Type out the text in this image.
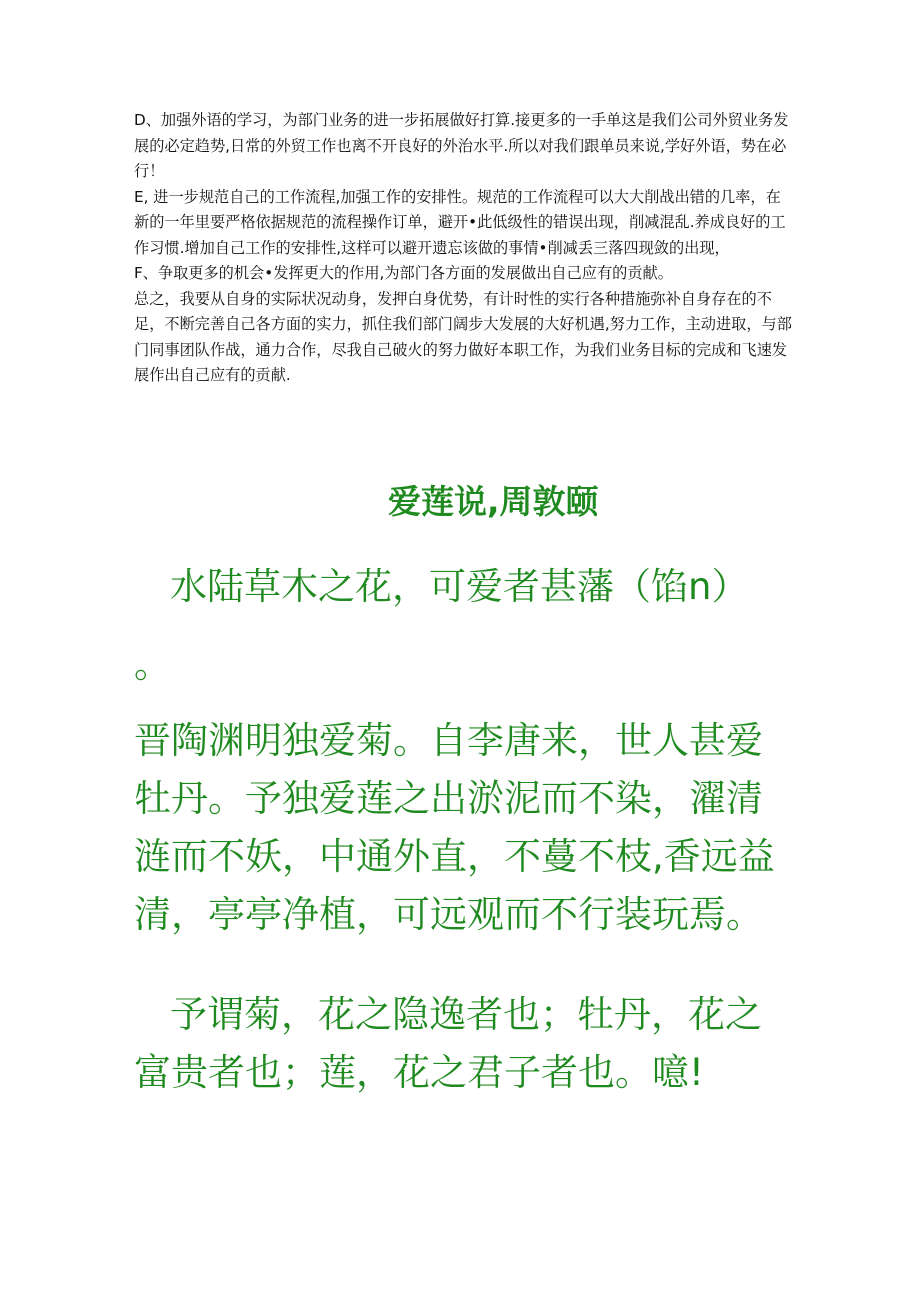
D、加强外语的学习，为部门业务的进一步拓展做好打算.接更多的一手单这是我们公司外贸业务发展的必定趋势,日常的外贸工作也离不开良好的外治水平.所以对我们跟单员来说,学好外语，势在必行！

E, 进一步规范自己的工作流程,加强工作的安排性。规范的工作流程可以大大削战出错的几率，在新的一年里要严格依据规范的流程操作订单，避开•此低级性的错误出现，削减混乱.养成良好的工作习惯.增加自己工作的安排性,这样可以避开遗忘该做的事情•削减丢三落四现敛的出现，

F、争取更多的机会•发挥更大的作用,为部门各方面的发展做出自己应有的贡献。

总之，我要从自身的实际状况动身，发押白身优势，有计时性的实行各种措施弥补自身存在的不足，不断完善自己各方面的实力，抓住我们部门阔步大发展的大好机遇,努力工作，主动进取，与部门同事团队作战，通力合作，尽我自己破火的努力做好本职工作，为我们业务目标的完成和飞速发展作出自己应有的贡献.

爱莲说,周敦颐

水陆草木之花，可爱者甚藩（馅n）
。

晋陶渊明独爱菊。自李唐来，世人甚爱牡丹。予独爱莲之出淤泥而不染，濯清涟而不妖，中通外直，不蔓不枝,香远益清，亭亭净植，可远观而不行装玩焉。

予谓菊，花之隐逸者也；牡丹，花之富贵者也；莲，花之君子者也。噫!
